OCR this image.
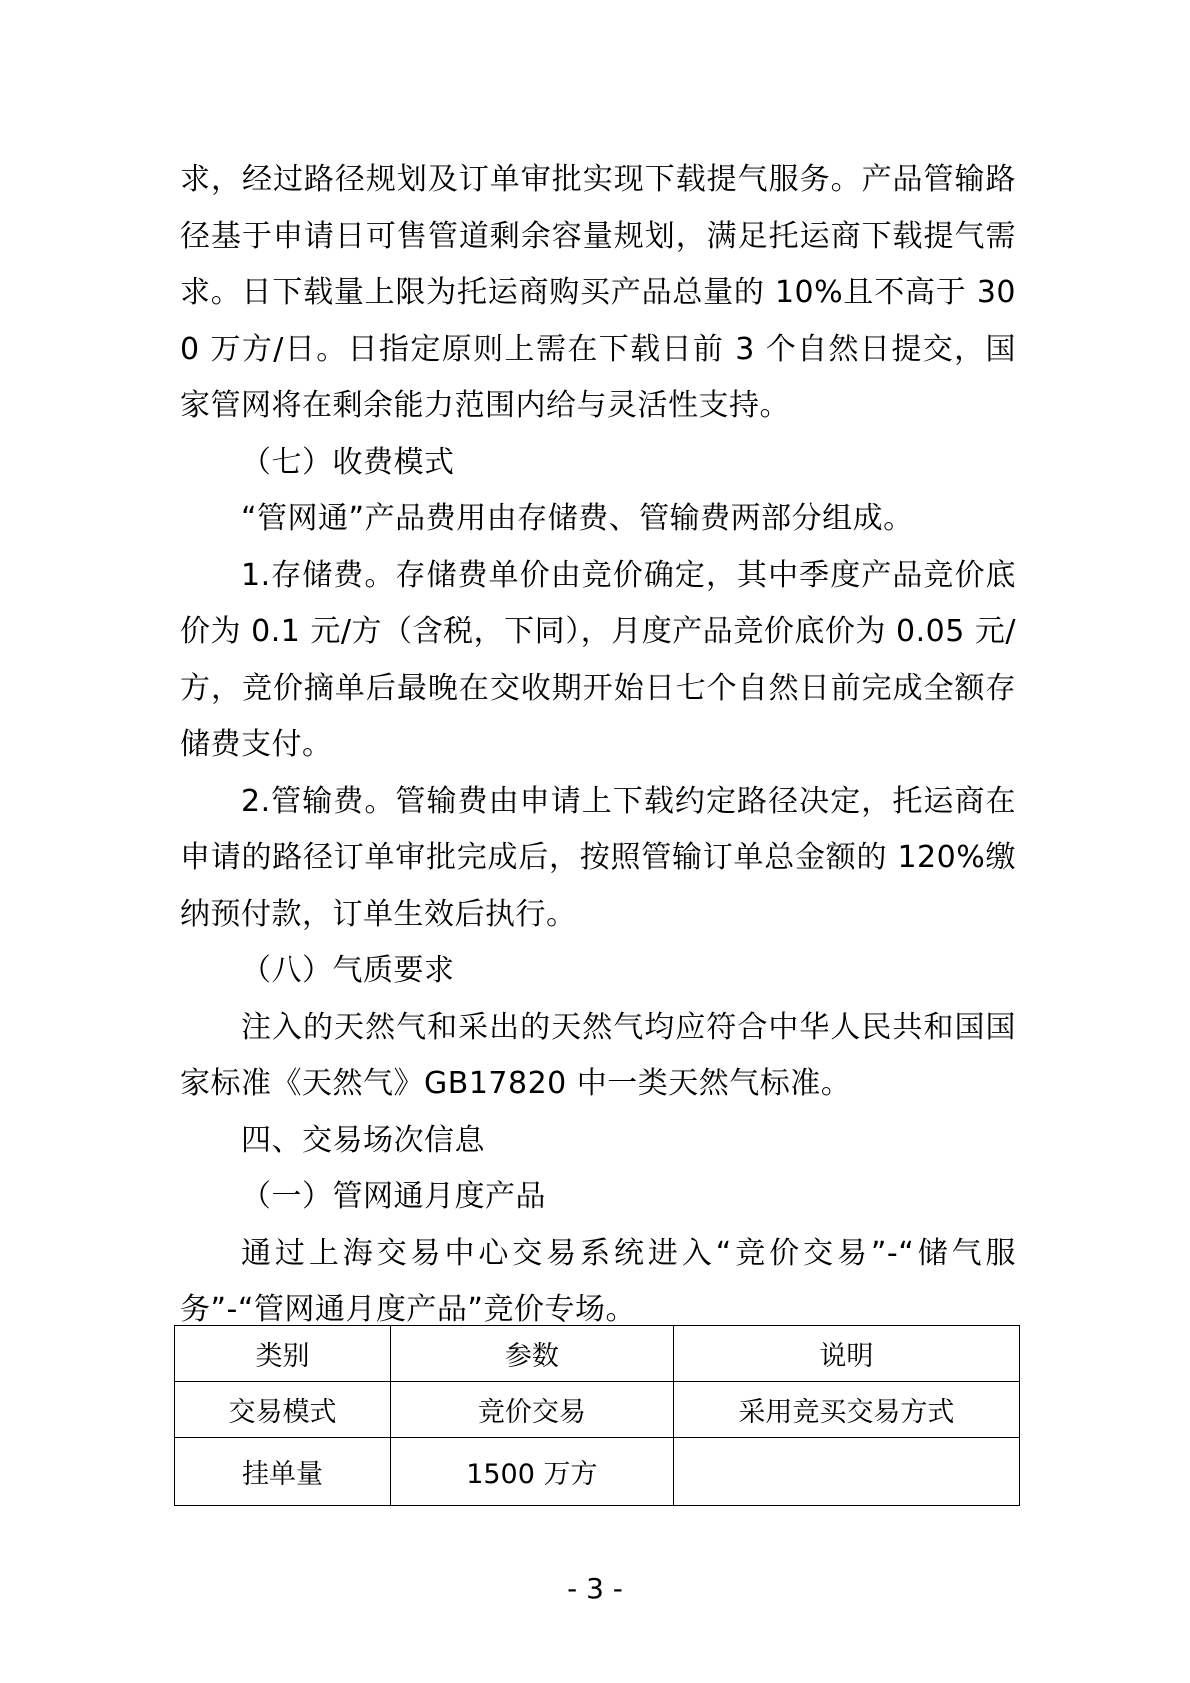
求，经过路径规划及订单审批实现下载提气服务。产品管输路径基于申请日可售管道剩余容量规划，满足托运商下载提气需求。日下载量上限为托运商购买产品总量的 10%且不高于 300 万方/日。日指定原则上需在下载日前 3 个自然日提交，国家管网将在剩余能力范围内给与灵活性支持。

（七）收费模式

“管网通”产品费用由存储费、管输费两部分组成。

1.存储费。存储费单价由竞价确定，其中季度产品竞价底价为 0.1 元/方（含税，下同），月度产品竞价底价为 0.05 元/方，竞价摘单后最晚在交收期开始日七个自然日前完成全额存储费支付。

2.管输费。管输费由申请上下载约定路径决定，托运商在申请的路径订单审批完成后，按照管输订单总金额的 120%缴纳预付款，订单生效后执行。

（八）气质要求

注入的天然气和采出的天然气均应符合中华人民共和国国家标准《天然气》GB17820 中一类天然气标准。

四、交易场次信息

（一）管网通月度产品

通过上海交易中心交易系统进入“竞价交易”-“储气服务”-“管网通月度产品”竞价专场。

类别	参数	说明
交易模式	竞价交易	采用竞买交易方式
挂单量	1500 万方	
- 3 -
